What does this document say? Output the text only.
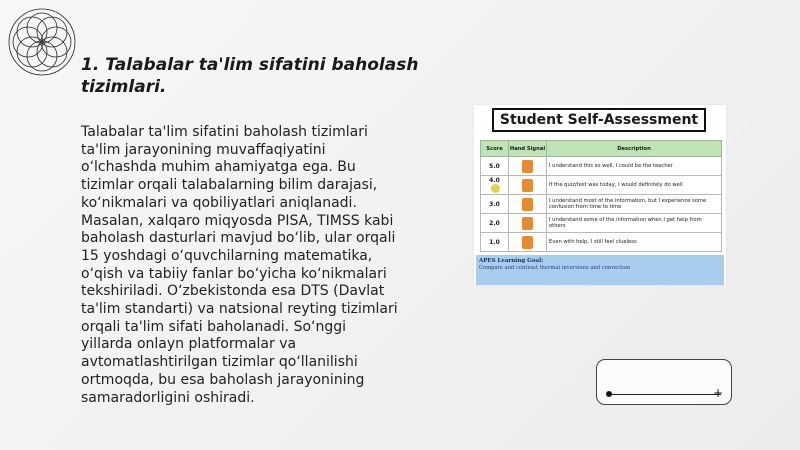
1. Talabalar ta'lim sifatini baholash tizimlari.

Talabalar ta'lim sifatini baholash tizimlari ta'lim jarayonining muvaffaqiyatini o‘lchashda muhim ahamiyatga ega. Bu tizimlar orqali talabalarning bilim darajasi, ko‘nikmalari va qobiliyatlari aniqlanadi. Masalan, xalqaro miqyosda PISA, TIMSS kabi baholash dasturlari mavjud bo‘lib, ular orqali 15 yoshdagi o‘quvchilarning matematika, o‘qish va tabiiy fanlar bo‘yicha ko‘nikmalari tekshiriladi. O‘zbekistonda esa DTS (Davlat ta'lim standarti) va natsional reyting tizimlari orqali ta'lim sifati baholanadi. So‘nggi yillarda onlayn platformalar va avtomatlashtirilgan tizimlar qo‘llanilishi ortmoqda, bu esa baholash jarayonining samaradorligini oshiradi.

Student Self-Assessment
Score	Hand Signal	Description
5.0		I understand this so well, I could be the teacher
4.0		If the quiz/test was today, I would definitely do well
3.0		I understand most of the information, but I experience some confusion from time to time
2.0		I understand some of the information when I get help from others
1.0		Even with help, I still feel clueless
APES Learning Goal:
Compare and contrast thermal inversions and convection
+
